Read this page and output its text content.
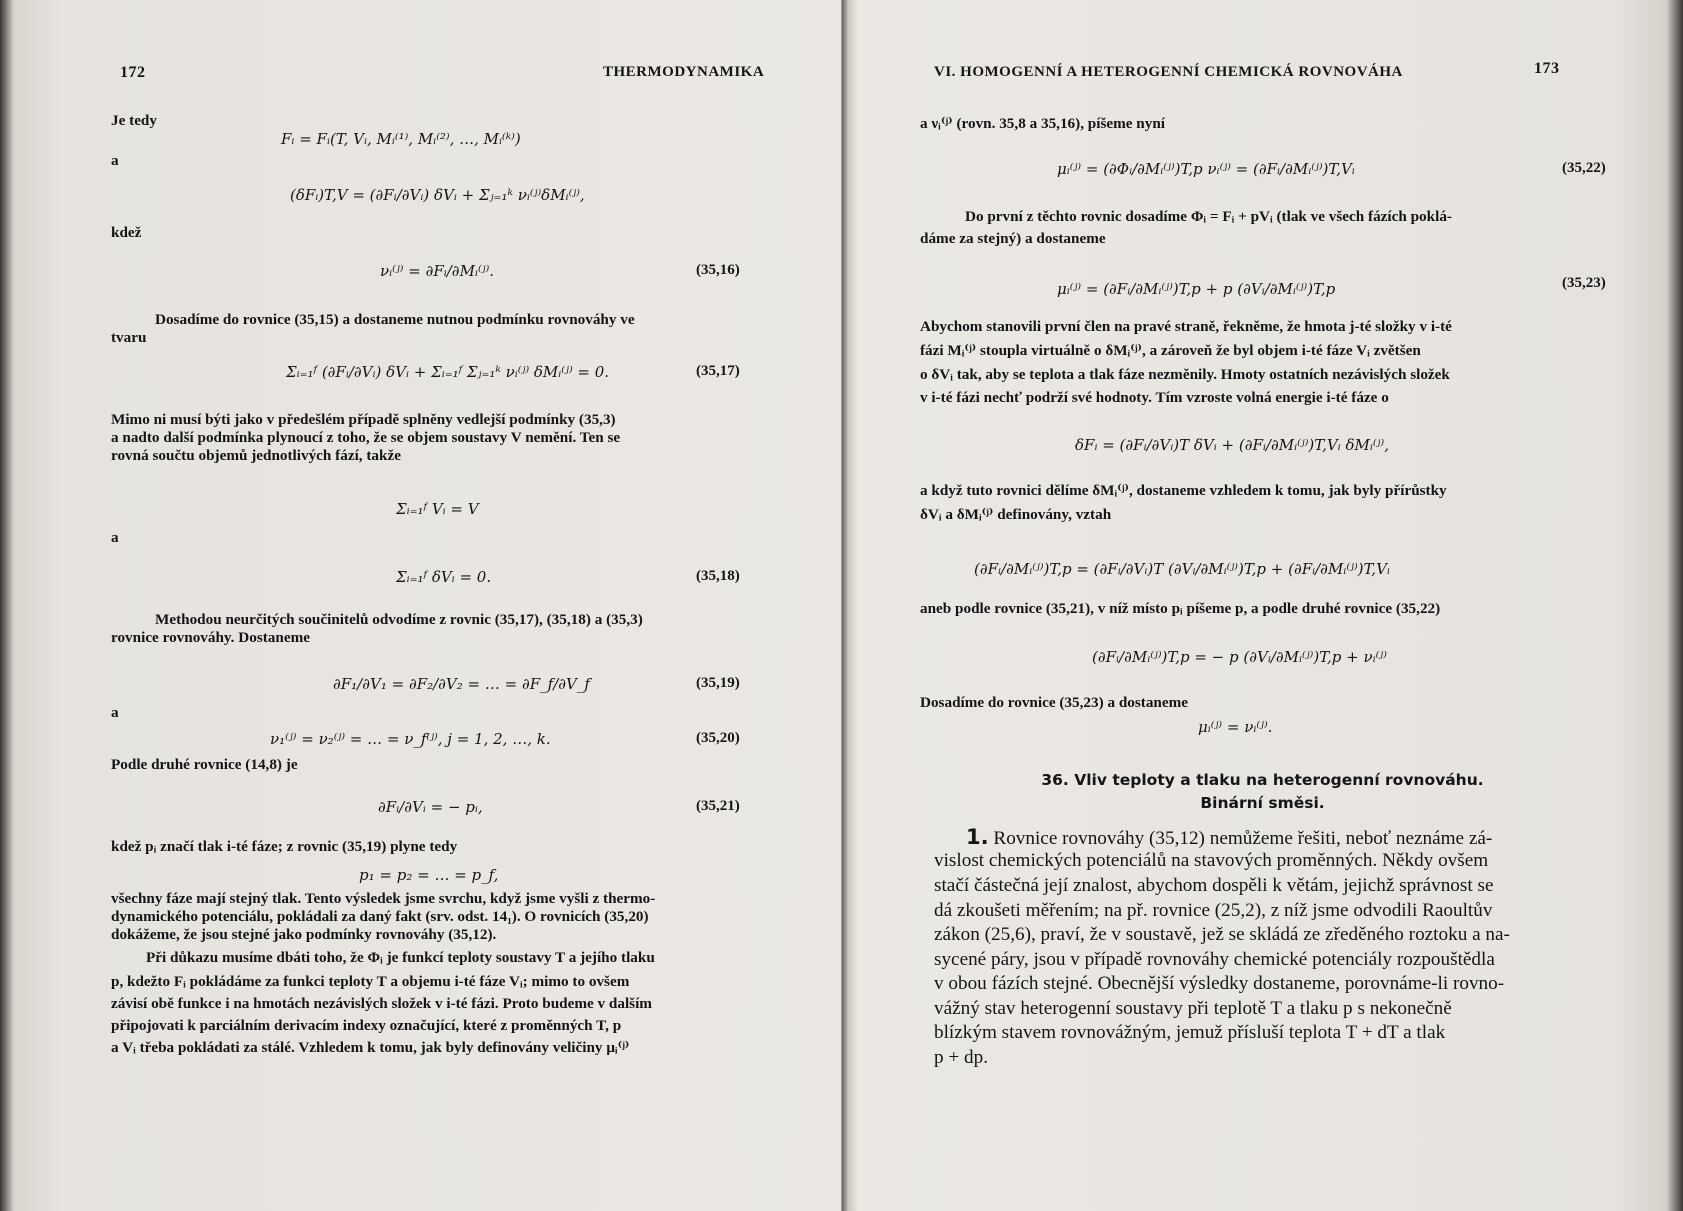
172	THERMODYNAMIKA
Je tedy
Fᵢ = Fᵢ(T, Vᵢ, Mᵢ⁽¹⁾, Mᵢ⁽²⁾, …, Mᵢ⁽ᵏ⁾)
a
(δFᵢ)T,V = (∂Fᵢ/∂Vᵢ) δVᵢ + Σⱼ₌₁ᵏ νᵢ⁽ʲ⁾δMᵢ⁽ʲ⁾,
kdež
νᵢ⁽ʲ⁾ = ∂Fᵢ/∂Mᵢ⁽ʲ⁾.	(35,16)
Dosadíme do rovnice (35,15) a dostaneme nutnou podmínku rovnováhy ve
tvaru
Σᵢ₌₁ᶠ (∂Fᵢ/∂Vᵢ) δVᵢ + Σᵢ₌₁ᶠ Σⱼ₌₁ᵏ νᵢ⁽ʲ⁾ δMᵢ⁽ʲ⁾ = 0.	(35,17)
Mimo ni musí býti jako v předešlém případě splněny vedlejší podmínky (35,3)
a nadto další podmínka plynoucí z toho, že se objem soustavy V nemění. Ten se
rovná součtu objemů jednotlivých fází, takže
Σᵢ₌₁ᶠ Vᵢ = V
a
Σᵢ₌₁ᶠ δVᵢ = 0.	(35,18)
Methodou neurčitých součinitelů odvodíme z rovnic (35,17), (35,18) a (35,3)
rovnice rovnováhy. Dostaneme
∂F₁/∂V₁ = ∂F₂/∂V₂ = … = ∂F_f/∂V_f	(35,19)
a
ν₁⁽ʲ⁾ = ν₂⁽ʲ⁾ = … = ν_f⁽ʲ⁾, j = 1, 2, …, k.	(35,20)
Podle druhé rovnice (14,8) je
∂Fᵢ/∂Vᵢ = − pᵢ,	(35,21)
kdež pᵢ značí tlak i-té fáze; z rovnic (35,19) plyne tedy
p₁ = p₂ = … = p_f,
všechny fáze mají stejný tlak. Tento výsledek jsme svrchu, když jsme vyšli z thermo-
dynamického potenciálu, pokládali za daný fakt (srv. odst. 14₁). O rovnicích (35,20)
dokážeme, že jsou stejné jako podmínky rovnováhy (35,12).
Při důkazu musíme dbáti toho, že Φᵢ je funkcí teploty soustavy T a jejího tlaku
p, kdežto Fᵢ pokládáme za funkci teploty T a objemu i-té fáze Vᵢ; mimo to ovšem
závisí obě funkce i na hmotách nezávislých složek v i-té fázi. Proto budeme v dalším
připojovati k parciálním derivacím indexy označující, které z proměnných T, p
a Vᵢ třeba pokládati za stálé. Vzhledem k tomu, jak byly definovány veličiny μᵢ⁽ʲ⁾
VI. HOMOGENNÍ A HETEROGENNÍ CHEMICKÁ ROVNOVÁHA	173
a νᵢ⁽ʲ⁾ (rovn. 35,8 a 35,16), píšeme nyní
μᵢ⁽ʲ⁾ = (∂Φᵢ/∂Mᵢ⁽ʲ⁾)T,p νᵢ⁽ʲ⁾ = (∂Fᵢ/∂Mᵢ⁽ʲ⁾)T,Vᵢ	(35,22)
Do první z těchto rovnic dosadíme Φᵢ = Fᵢ + pVᵢ (tlak ve všech fázích poklá-
dáme za stejný) a dostaneme
μᵢ⁽ʲ⁾ = (∂Fᵢ/∂Mᵢ⁽ʲ⁾)T,p + p (∂Vᵢ/∂Mᵢ⁽ʲ⁾)T,p	(35,23)
Abychom stanovili první člen na pravé straně, řekněme, že hmota j-té složky v i-té
fázi Mᵢ⁽ʲ⁾ stoupla virtuálně o δMᵢ⁽ʲ⁾, a zároveň že byl objem i-té fáze Vᵢ zvětšen
o δVᵢ tak, aby se teplota a tlak fáze nezměnily. Hmoty ostatních nezávislých složek
v i-té fázi nechť podrží své hodnoty. Tím vzroste volná energie i-té fáze o
δFᵢ = (∂Fᵢ/∂Vᵢ)T δVᵢ + (∂Fᵢ/∂Mᵢ⁽ʲ⁾)T,Vᵢ δMᵢ⁽ʲ⁾,
a když tuto rovnici dělíme δMᵢ⁽ʲ⁾, dostaneme vzhledem k tomu, jak byly přírůstky
δVᵢ a δMᵢ⁽ʲ⁾ definovány, vztah
(∂Fᵢ/∂Mᵢ⁽ʲ⁾)T,p = (∂Fᵢ/∂Vᵢ)T (∂Vᵢ/∂Mᵢ⁽ʲ⁾)T,p + (∂Fᵢ/∂Mᵢ⁽ʲ⁾)T,Vᵢ
aneb podle rovnice (35,21), v níž místo pᵢ píšeme p, a podle druhé rovnice (35,22)
(∂Fᵢ/∂Mᵢ⁽ʲ⁾)T,p = − p (∂Vᵢ/∂Mᵢ⁽ʲ⁾)T,p + νᵢ⁽ʲ⁾
Dosadíme do rovnice (35,23) a dostaneme
μᵢ⁽ʲ⁾ = νᵢ⁽ʲ⁾.
36. Vliv teploty a tlaku na heterogenní rovnováhu.
Binární směsi.
1. Rovnice rovnováhy (35,12) nemůžeme řešiti, neboť neznáme zá-
vislost chemických potenciálů na stavových proměnných. Někdy ovšem
stačí částečná její znalost, abychom dospěli k větám, jejichž správnost se
dá zkoušeti měřením; na př. rovnice (25,2), z níž jsme odvodili Raoultův
zákon (25,6), praví, že v soustavě, jež se skládá ze zředěného roztoku a na-
sycené páry, jsou v případě rovnováhy chemické potenciály rozpouštědla
v obou fázích stejné. Obecnější výsledky dostaneme, porovnáme-li rovno-
vážný stav heterogenní soustavy při teplotě T a tlaku p s nekonečně
blízkým stavem rovnovážným, jemuž přísluší teplota T + dT a tlak
p + dp.
